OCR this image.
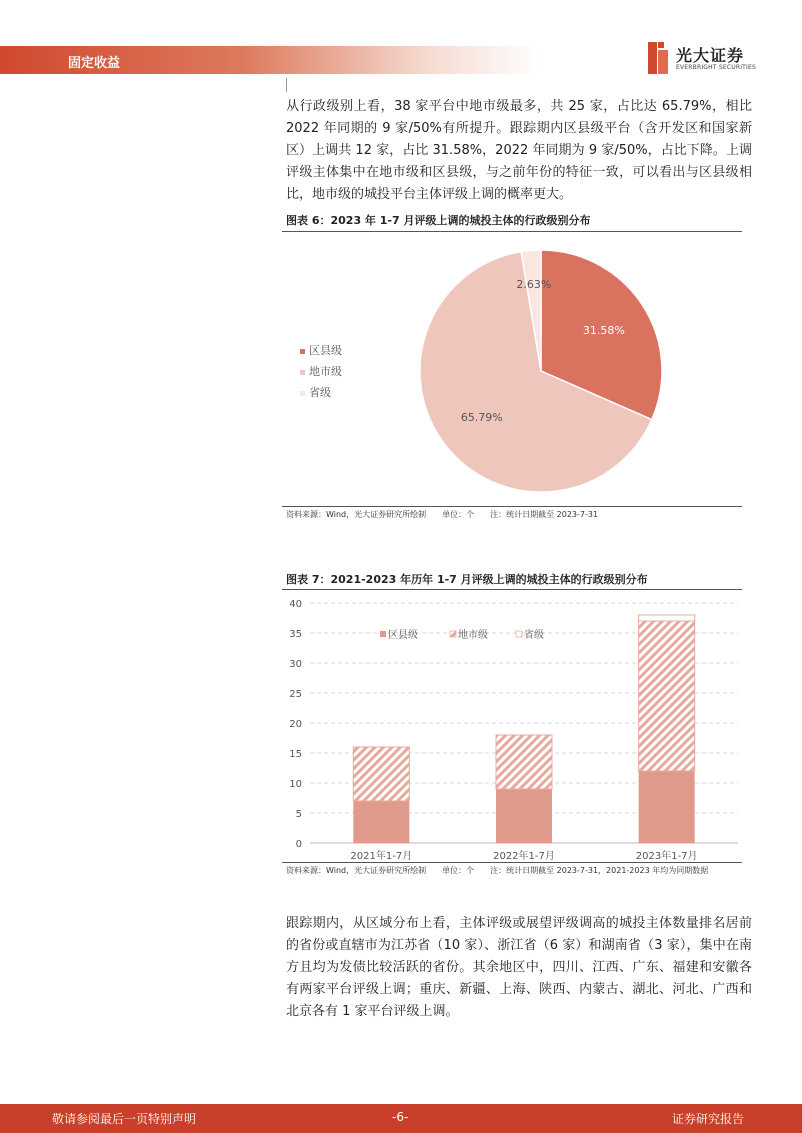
固定收益	光大证券
EVERBRIGHT SECURITIES

从行政级别上看，38 家平台中地市级最多，共 25 家，占比达 65.79%，相比 2022 年同期的 9 家/50%有所提升。跟踪期内区县级平台（含开发区和国家新区）上调共 12 家，占比 31.58%，2022 年同期为 9 家/50%，占比下降。上调评级主体集中在地市级和区县级，与之前年份的特征一致，可以看出与区县级相比，地市级的城投平台主体评级上调的概率更大。

图表 6：2023 年 1-7 月评级上调的城投主体的行政级别分布
区县级
地市级
省级
31.58%
65.79%
2.63%
资料来源：Wind，光大证券研究所绘制　　单位：个　　注：统计日期截至 2023-7-31
图表 7：2021-2023 年历年 1-7 月评级上调的城投主体的行政级别分布
0
5
10
15
20
25
30
35
40
2021年1-7月	2022年1-7月	2023年1-7月
区县级	地市级	省级
资料来源：Wind，光大证券研究所绘制　　单位：个　　注：统计日期截至 2023-7-31，2021-2023 年均为同期数据

跟踪期内，从区域分布上看，主体评级或展望评级调高的城投主体数量排名居前的省份或直辖市为江苏省（10 家）、浙江省（6 家）和湖南省（3 家），集中在南方且均为发债比较活跃的省份。其余地区中，四川、江西、广东、福建和安徽各有两家平台评级上调；重庆、新疆、上海、陕西、内蒙古、湖北、河北、广西和北京各有 1 家平台评级上调。

敬请参阅最后一页特别声明	-6-	证券研究报告
